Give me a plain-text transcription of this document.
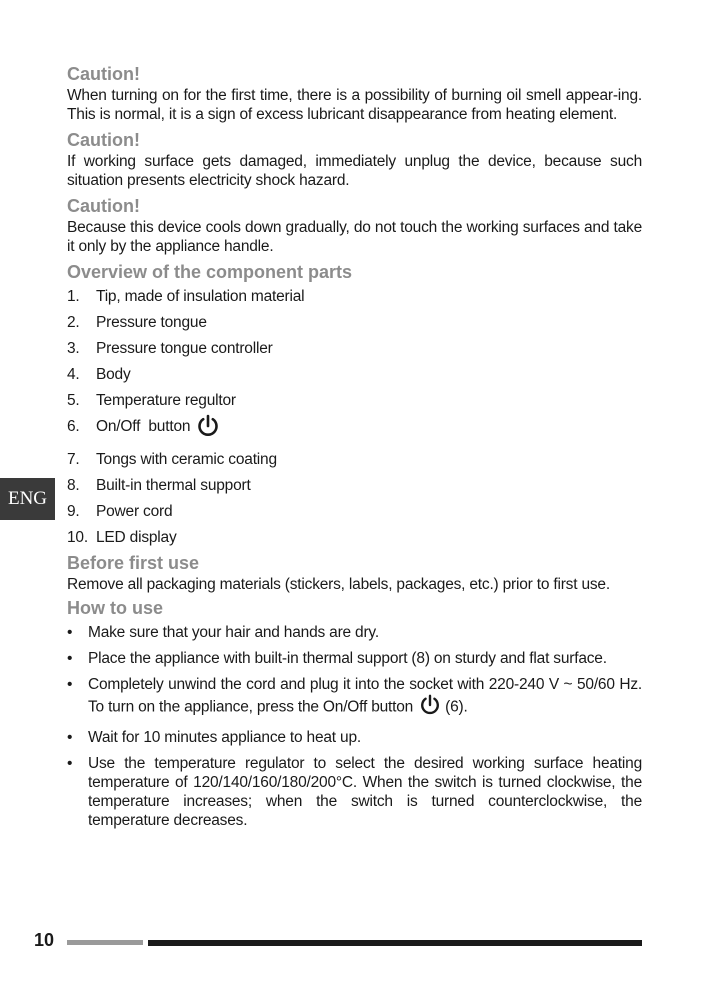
ENG
Caution!

When turning on for the first time, there is a possibility of burning oil smell appear-ing. This is normal, it is a sign of excess lubricant disappearance from heating element.

Caution!

If working surface gets damaged, immediately unplug the device, because such situation presents electricity shock hazard.

Caution!

Because this device cools down gradually, do not touch the working surfaces and take it only by the appliance handle.

Overview of the component parts
1.	Tip, made of insulation material
2.	Pressure tongue
3.	Pressure tongue controller
4.	Body
5.	Temperature regultor
6.	On/Off  button
7.	Tongs with ceramic coating
8.	Built-in thermal support
9.	Power cord
10. LED display
Before first use

Remove all packaging materials (stickers, labels, packages, etc.) prior to first use.

How to use
•	Make sure that your hair and hands are dry.
•	Place the appliance with built-in thermal support (8) on sturdy and flat surface.
•	Completely unwind the cord and plug it into the socket with 220-240 V ~ 50/60 Hz. To turn on the appliance, press the On/Off button (6).
•	Wait for 10 minutes appliance to heat up.
•	Use the temperature regulator to select the desired working surface heating temperature of 120/140/160/180/200°C. When the switch is turned clockwise, the temperature increases; when the switch is turned counterclockwise, the temperature decreases.
10
